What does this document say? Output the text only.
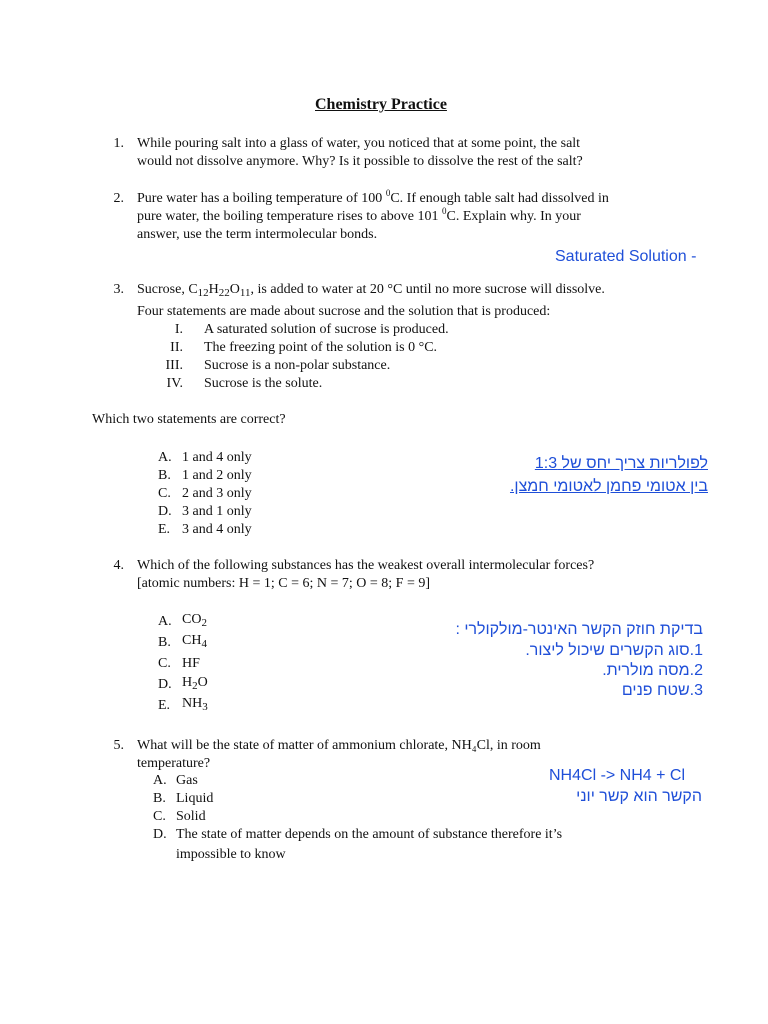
Chemistry Practice
1. While pouring salt into a glass of water, you noticed that at some point, the salt
would not dissolve anymore. Why? Is it possible to dissolve the rest of the salt?
2. Pure water has a boiling temperature of 100 $^0$C. If enough table salt had dissolved in
pure water, the boiling temperature rises to above 101 $^0$C. Explain why. In your
answer, use the term intermolecular bonds.
Saturated Solution -
3. Sucrose, $C_{12}H_{22}O_{11}$, is added to water at 20 °C until no more sucrose will dissolve.
Four statements are made about sucrose and the solution that is produced:
I. A saturated solution of sucrose is produced.
II. The freezing point of the solution is 0 °C.
III. Sucrose is a non-polar substance.
IV. Sucrose is the solute.
Which two statements are correct?
A. 1 and 4 only
B. 1 and 2 only
C. 2 and 3 only
D. 3 and 1 only
E. 3 and 4 only
לפולריות צריך יחס של 1:3
בין אטומי פחמן לאטומי חמצן.
4. Which of the following substances has the weakest overall intermolecular forces?
[atomic numbers: H = 1; C = 6; N = 7; O = 8; F = 9]
A. $CO_2$
B. $CH_4$
C. HF
D. $H_2O$
E. $NH_3$
בדיקת חוזק הקשר האינטר-מולקולרי :
1.סוג הקשרים שיכול ליצור.
2.מסה מולרית.
3.שטח פנים
5. What will be the state of matter of ammonium chlorate, NH₄Cl, in room
temperature?
A. Gas
B. Liquid
C. Solid
D. The state of matter depends on the amount of substance therefore it’s
impossible to know
NH4Cl -> NH4 + Cl
הקשר הוא קשר יוני
